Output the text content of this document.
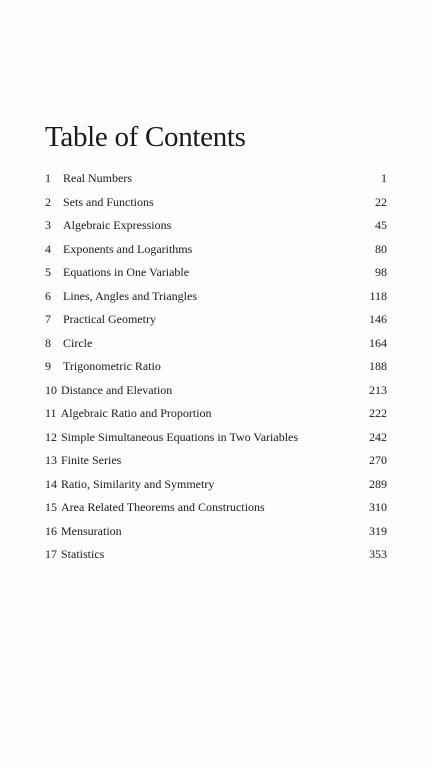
Table of Contents
1	Real Numbers	1
2	Sets and Functions	22
3	Algebraic Expressions	45
4	Exponents and Logarithms	80
5	Equations in One Variable	98
6	Lines, Angles and Triangles	118
7	Practical Geometry	146
8	Circle	164
9	Trigonometric Ratio	188
10 Distance and Elevation	213
11 Algebraic Ratio and Proportion	222
12 Simple Simultaneous Equations in Two Variables	242
13 Finite Series	270
14 Ratio, Similarity and Symmetry	289
15 Area Related Theorems and Constructions	310
16 Mensuration	319
17 Statistics	353
